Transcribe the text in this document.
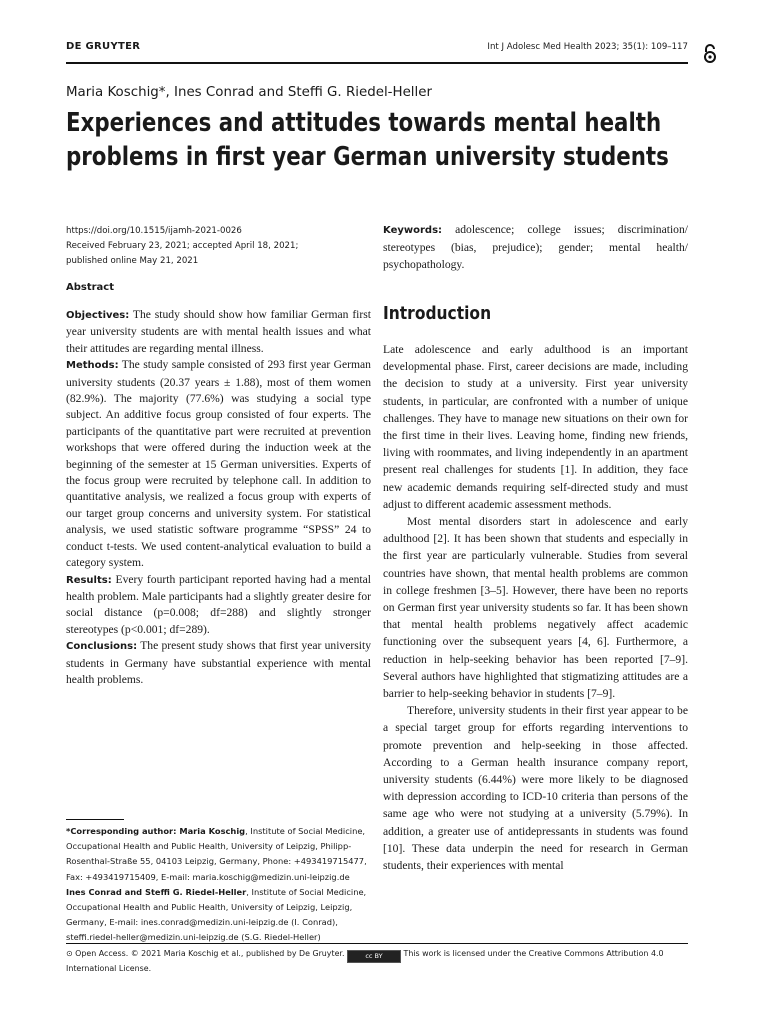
DE GRUYTER	Int J Adolesc Med Health 2023; 35(1): 109–117
Maria Koschig*, Ines Conrad and Steffi G. Riedel-Heller
Experiences and attitudes towards mental health problems in first year German university students
https://doi.org/10.1515/ijamh-2021-0026
Received February 23, 2021; accepted April 18, 2021;
published online May 21, 2021
Keywords: adolescence; college issues; discrimination/ stereotypes (bias, prejudice); gender; mental health/ psychopathology.
Abstract

Objectives: The study should show how familiar German first year university students are with mental health issues and what their attitudes are regarding mental illness.

Methods: The study sample consisted of 293 first year German university students (20.37 years ± 1.88), most of them women (82.9%). The majority (77.6%) was studying a social type subject. An additive focus group consisted of four experts. The participants of the quantitative part were recruited at prevention workshops that were offered during the induction week at the beginning of the semester at 15 German universities. Experts of the focus group were recruited by telephone call. In addition to quantitative analysis, we realized a focus group with experts of our target group concerns and university system. For statistical analysis, we used statistic software programme “SPSS” 24 to conduct t-tests. We used content-analytical evaluation to build a category system.

Results: Every fourth participant reported having had a mental health problem. Male participants had a slightly greater desire for social distance (p=0.008; df=288) and slightly stronger stereotypes (p<0.001; df=289).

Conclusions: The present study shows that first year university students in Germany have substantial experience with mental health problems.

Introduction

Late adolescence and early adulthood is an important developmental phase. First, career decisions are made, including the decision to study at a university. First year university students, in particular, are confronted with a number of unique challenges. They have to manage new situations on their own for the first time in their lives. Leaving home, finding new friends, living with roommates, and living independently in an apartment present real challenges for students [1]. In addition, they face new academic demands requiring self-directed study and must adjust to different academic assessment methods.

Most mental disorders start in adolescence and early adulthood [2]. It has been shown that students and especially in the first year are particularly vulnerable. Studies from several countries have shown, that mental health problems are common in college freshmen [3–5]. However, there have been no reports on German first year university students so far. It has been shown that mental health problems negatively affect academic functioning over the subsequent years [4, 6]. Furthermore, a reduction in help-seeking behavior has been reported [7–9]. Several authors have highlighted that stigmatizing attitudes are a barrier to help-seeking behavior in students [7–9].

Therefore, university students in their first year appear to be a special target group for efforts regarding interventions to promote prevention and help-seeking in those affected. According to a German health insurance company report, university students (6.44%) were more likely to be diagnosed with depression according to ICD-10 criteria than persons of the same age who were not studying at a university (5.79%). In addition, a greater use of antidepressants in students was found [10]. These data underpin the need for research in German students, their experiences with mental

*Corresponding author: Maria Koschig, Institute of Social Medicine, Occupational Health and Public Health, University of Leipzig, Philipp-Rosenthal-Straße 55, 04103 Leipzig, Germany, Phone: +493419715477, Fax: +493419715409, E-mail: maria.koschig@medizin.uni-leipzig.de

Ines Conrad and Steffi G. Riedel-Heller, Institute of Social Medicine, Occupational Health and Public Health, University of Leipzig, Leipzig, Germany, E-mail: ines.conrad@medizin.uni-leipzig.de (I. Conrad), steffi.riedel-heller@medizin.uni-leipzig.de (S.G. Riedel-Heller)

⊙ Open Access. © 2021 Maria Koschig et al., published by De Gruyter.	cc BY	This work is licensed under the Creative Commons Attribution 4.0 International License.
